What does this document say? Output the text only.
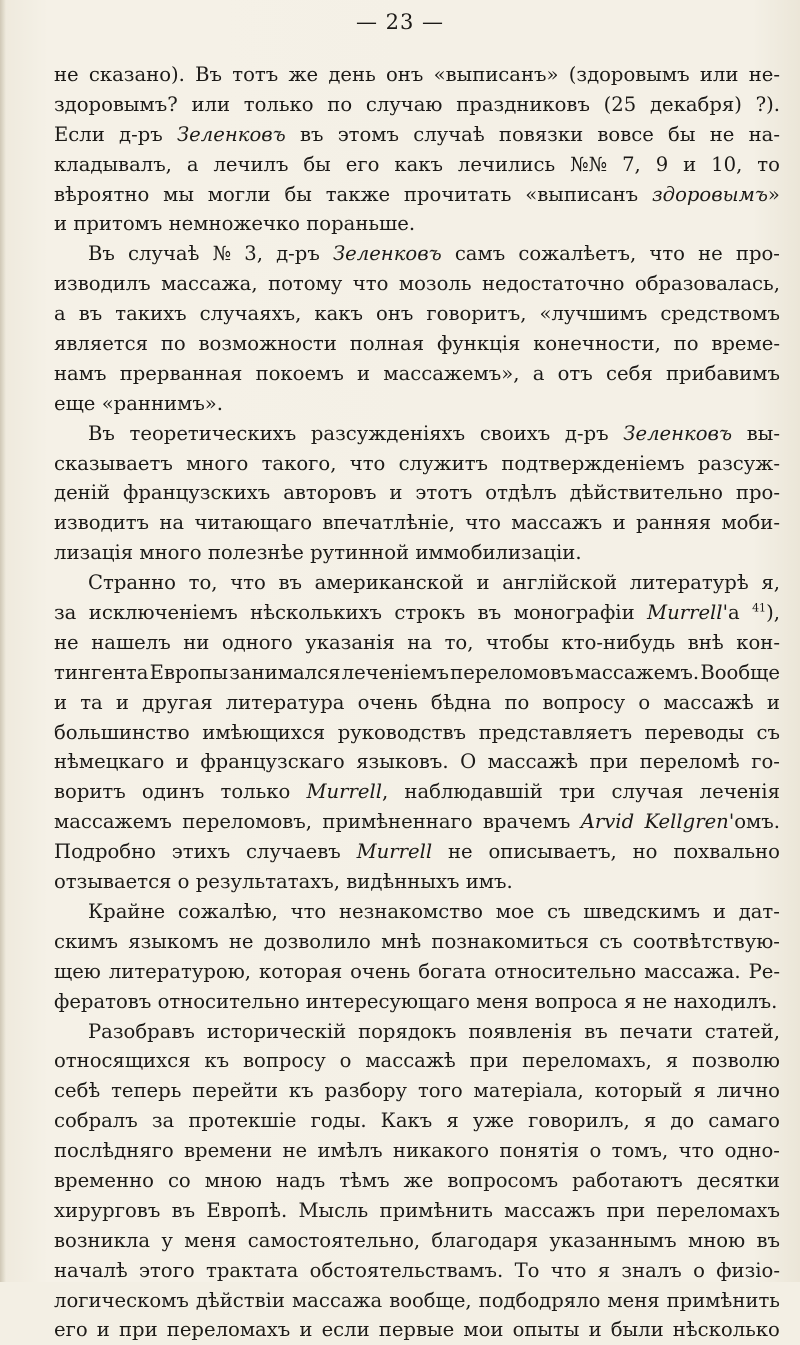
— 23 —
не сказано). Въ тотъ же день онъ «выписанъ» (здоровымъ или не-
здоровымъ? или только по случаю праздниковъ (25 декабря) ?).
Если д-ръ Зеленковъ въ этомъ случаѣ повязки вовсе бы не на-
кладывалъ, а лечилъ бы его какъ лечились №№ 7, 9 и 10, то
вѣроятно мы могли бы также прочитать «выписанъ здоровымъ»
и притомъ немножечко пораньше.
Въ случаѣ № 3, д-ръ Зеленковъ самъ сожалѣетъ, что не про-
изводилъ массажа, потому что мозоль недостаточно образовалась,
а въ такихъ случаяхъ, какъ онъ говоритъ, «лучшимъ средствомъ
является по возможности полная функція конечности, по време-
намъ прерванная покоемъ и массажемъ», а отъ себя прибавимъ
еще «раннимъ».
Въ теоретическихъ разсужденіяхъ своихъ д-ръ Зеленковъ вы-
сказываетъ много такого, что служитъ подтвержденіемъ разсуж-
деній французскихъ авторовъ и этотъ отдѣлъ дѣйствительно про-
изводитъ на читающаго впечатлѣніе, что массажъ и ранняя моби-
лизація много полезнѣе рутинной иммобилизаціи.
Странно то, что въ американской и англійской литературѣ я,
за исключеніемъ нѣсколькихъ строкъ въ монографіи Murrell'а $^{41}$),
не нашелъ ни одного указанія на то, чтобы кто-нибудь внѣ кон-
тингента Европы занимался леченіемъ переломовъ массажемъ. Вообще
и та и другая литература очень бѣдна по вопросу о массажѣ и
большинство имѣющихся руководствъ представляетъ переводы съ
нѣмецкаго и французскаго языковъ. О массажѣ при переломѣ го-
воритъ одинъ только Murrell, наблюдавшій три случая леченія
массажемъ переломовъ, примѣненнаго врачемъ Arvid Kellgren'омъ.
Подробно этихъ случаевъ Murrell не описываетъ, но похвально
отзывается о результатахъ, видѣнныхъ имъ.
Крайне сожалѣю, что незнакомство мое съ шведскимъ и дат-
скимъ языкомъ не дозволило мнѣ познакомиться съ соотвѣтствую-
щею литературою, которая очень богата относительно массажа. Ре-
фератовъ относительно интересующаго меня вопроса я не находилъ.
Разобравъ историческій порядокъ появленія въ печати статей,
относящихся къ вопросу о массажѣ при переломахъ, я позволю
себѣ теперь перейти къ разбору того матеріала, который я лично
собралъ за протекшіе годы. Какъ я уже говорилъ, я до самаго
послѣдняго времени не имѣлъ никакого понятія о томъ, что одно-
временно со мною надъ тѣмъ же вопросомъ работаютъ десятки
хирурговъ въ Европѣ. Мысль примѣнить массажъ при переломахъ
возникла у меня самостоятельно, благодаря указаннымъ мною въ
началѣ этого трактата обстоятельствамъ. То что я зналъ о физіо-
логическомъ дѣйствіи массажа вообще, подбодряло меня примѣнить
его и при переломахъ и если первые мои опыты и были нѣсколько
